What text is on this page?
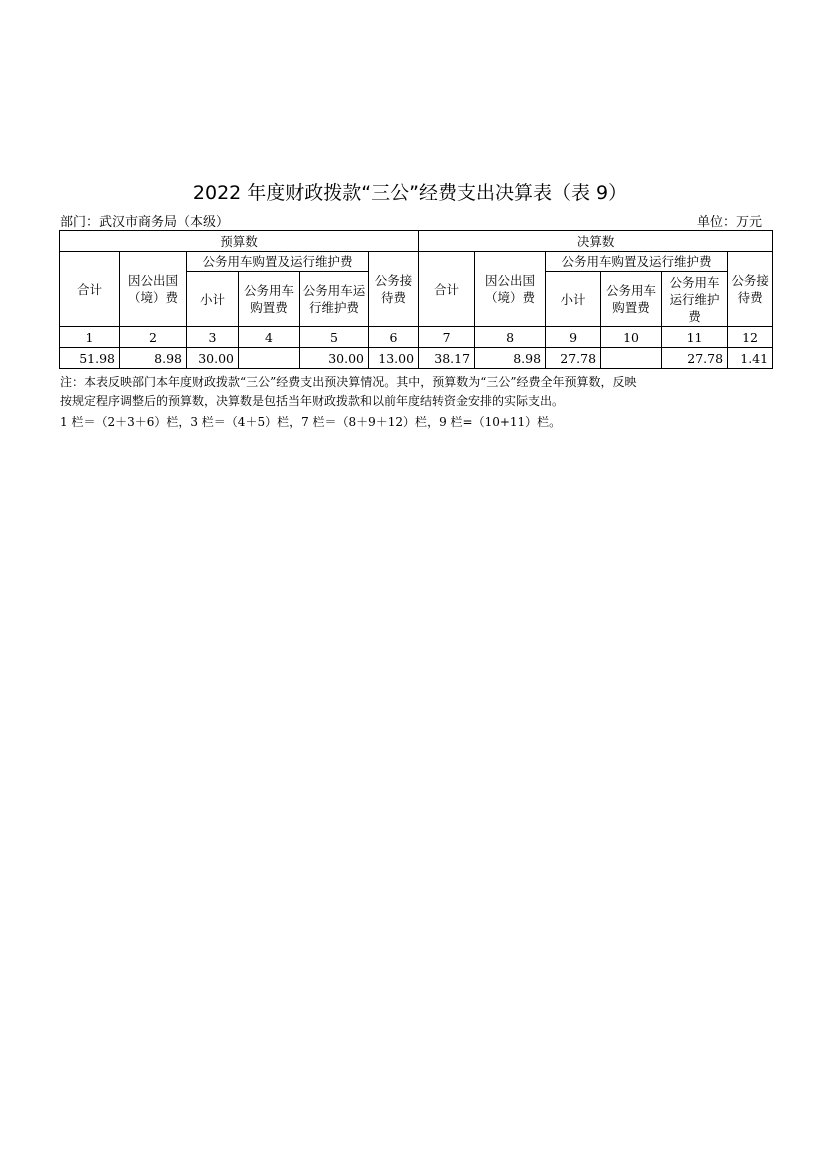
2022 年度财政拨款“三公”经费支出决算表（表 9）
部门：武汉市商务局（本级）	单位：万元
预算数						决算数					
合计	因公出国（境）费	公务用车购置及运行维护费			公务接待费	合计	因公出国（境）费	公务用车购置及运行维护费			公务接待费
		小计	公务用车购置费	公务用车运行维护费				小计	公务用车购置费	公务用车运行维护费	
1	2	3	4	5	6	7	8	9	10	11	12
51.98	8.98	30.00		30.00	13.00	38.17	8.98	27.78		27.78	1.41
注：本表反映部门本年度财政拨款“三公”经费支出预决算情况。其中，预算数为“三公”经费全年预算数，反映
按规定程序调整后的预算数，决算数是包括当年财政拨款和以前年度结转资金安排的实际支出。
1 栏＝（2＋3＋6）栏，3 栏＝（4＋5）栏，7 栏＝（8＋9＋12）栏，9 栏=（10+11）栏。
